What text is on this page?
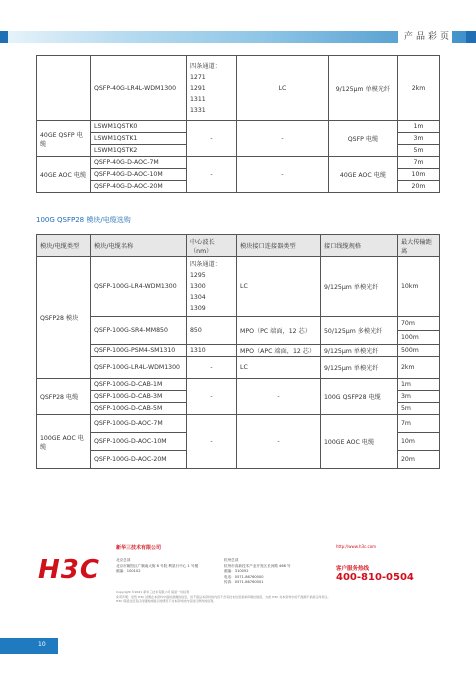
产品彩页
	QSFP-40G-LR4L-WDM1300	四条通道：
1271
1291
1311
1331	LC	9/125μm 单模光纤	2km
40GE QSFP 电缆	LSWM1QSTK0	-	-	QSFP 电缆	1m
	LSWM1QSTK1				3m
	LSWM1QSTK2				5m
40GE AOC 电缆	QSFP-40G-D-AOC-7M	-	-	40GE AOC 电缆	7m
	QSFP-40G-D-AOC-10M				10m
	QSFP-40G-D-AOC-20M				20m
100G QSFP28 模块/电缆选购
模块/电缆类型	模块/电缆名称	中心波长（nm）	模块接口连接器类型	接口线缆规格	最大传输距离
QSFP28 模块	QSFP-100G-LR4-WDM1300	四条通道：
1295
1300
1304
1309	LC	9/125μm 单模光纤	10km
	QSFP-100G-SR4-MM850	850	MPO（PC 端面，12 芯）	50/125μm 多模光纤	70m
					100m
	QSFP-100G-PSM4-SM1310	1310	MPO（APC 端面，12 芯）	9/125μm 单模光纤	500m
	QSFP-100G-LR4L-WDM1300	-	LC	9/125μm 单模光纤	2km
QSFP28 电缆	QSFP-100G-D-CAB-1M	-	-	100G QSFP28 电缆	1m
	QSFP-100G-D-CAB-3M				3m
	QSFP-100G-D-CAB-5M				5m
100GE AOC 电缆	QSFP-100G-D-AOC-7M	-	-	100GE AOC 电缆	7m
	QSFP-100G-D-AOC-10M				10m
	QSFP-100G-D-AOC-20M				20m
H3C
新华三技术有限公司
北京总部
北京市朝阳区广顺南大街 8 号院 利星行中心 1 号楼
邮编：100102
杭州总部
杭州市高新技术产业开发区长河路 466 号
邮编：310052
电话：0571-86760000
传真：0571-86760001
http://www.h3c.com
客户服务热线
400-810-0504
Copyright ©2021 新华三技术有限公司 保留一切权利
免责声明：虽然 H3C 试图在本资料中提供准确的信息，但不保证本资料的内容不含有技术性误差或印刷性错误，为此 H3C 对本资料中的不准确不承担任何责任。
H3C 保留在没有任何通知或提示的情况下对本资料的内容进行修改的权利。
10
